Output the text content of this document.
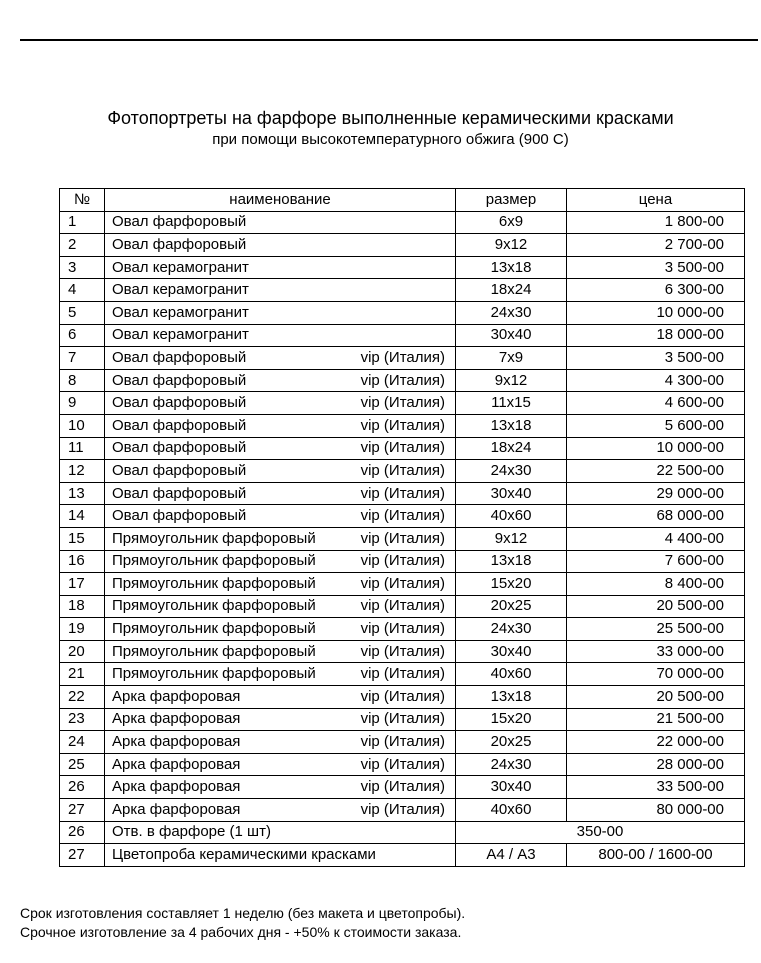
Фотопортреты на фарфоре выполненные керамическими красками
при помощи высокотемпературного обжига (900 С)
№	наименование	размер	цена
1	Овал фарфоровый	6x9	1 800-00
2	Овал фарфоровый	9x12	2 700-00
3	Овал керамогранит	13x18	3 500-00
4	Овал керамогранит	18x24	6 300-00
5	Овал керамогранит	24x30	10 000-00
6	Овал керамогранит	30x40	18 000-00
7	Овал фарфоровый vip (Италия)	7x9	3 500-00
8	Овал фарфоровый vip (Италия)	9x12	4 300-00
9	Овал фарфоровый vip (Италия)	11x15	4 600-00
10	Овал фарфоровый vip (Италия)	13x18	5 600-00
11	Овал фарфоровый vip (Италия)	18x24	10 000-00
12	Овал фарфоровый vip (Италия)	24x30	22 500-00
13	Овал фарфоровый vip (Италия)	30x40	29 000-00
14	Овал фарфоровый vip (Италия)	40x60	68 000-00
15	Прямоугольник фарфоровый vip (Италия)	9x12	4 400-00
16	Прямоугольник фарфоровый vip (Италия)	13x18	7 600-00
17	Прямоугольник фарфоровый vip (Италия)	15x20	8 400-00
18	Прямоугольник фарфоровый vip (Италия)	20x25	20 500-00
19	Прямоугольник фарфоровый vip (Италия)	24x30	25 500-00
20	Прямоугольник фарфоровый vip (Италия)	30x40	33 000-00
21	Прямоугольник фарфоровый vip (Италия)	40x60	70 000-00
22	Арка фарфоровая vip (Италия)	13x18	20 500-00
23	Арка фарфоровая vip (Италия)	15x20	21 500-00
24	Арка фарфоровая vip (Италия)	20x25	22 000-00
25	Арка фарфоровая vip (Италия)	24x30	28 000-00
26	Арка фарфоровая vip (Италия)	30x40	33 500-00
27	Арка фарфоровая vip (Италия)	40x60	80 000-00
26	Отв. в фарфоре (1 шт)	350-00	
27	Цветопроба керамическими красками	А4 / А3	800-00 / 1600-00
Срок изготовления составляет 1 неделю (без макета и цветопробы).
Срочное изготовление за 4 рабочих дня - +50% к стоимости заказа.
